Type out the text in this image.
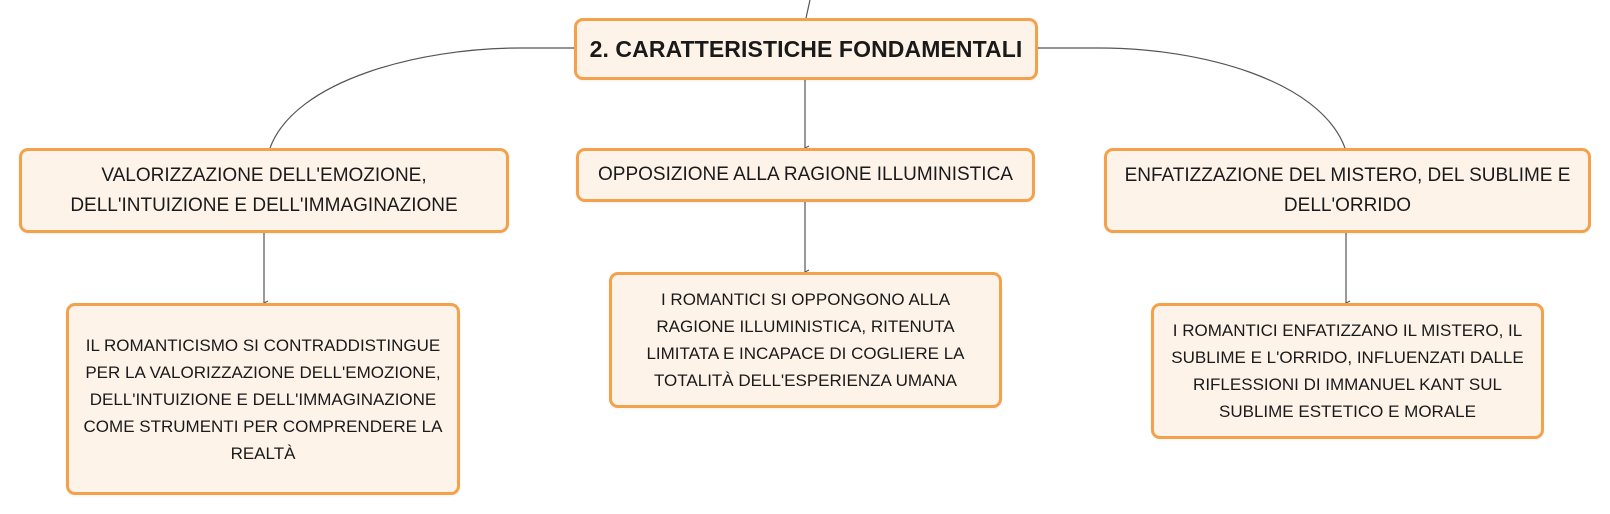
2. CARATTERISTICHE FONDAMENTALI
VALORIZZAZIONE DELL'EMOZIONE, DELL'INTUIZIONE E DELL'IMMAGINAZIONE
OPPOSIZIONE ALLA RAGIONE ILLUMINISTICA	ENFATIZZAZIONE DEL MISTERO, DEL SUBLIME E DELL'ORRIDO
IL ROMANTICISMO SI CONTRADDISTINGUE PER LA VALORIZZAZIONE DELL'EMOZIONE, DELL'INTUIZIONE E DELL'IMMAGINAZIONE COME STRUMENTI PER COMPRENDERE LA REALTÀ
I ROMANTICI SI OPPONGONO ALLA RAGIONE ILLUMINISTICA, RITENUTA LIMITATA E INCAPACE DI COGLIERE LA TOTALITÀ DELL'ESPERIENZA UMANA
I ROMANTICI ENFATIZZANO IL MISTERO, IL SUBLIME E L'ORRIDO, INFLUENZATI DALLE RIFLESSIONI DI IMMANUEL KANT SUL SUBLIME ESTETICO E MORALE
